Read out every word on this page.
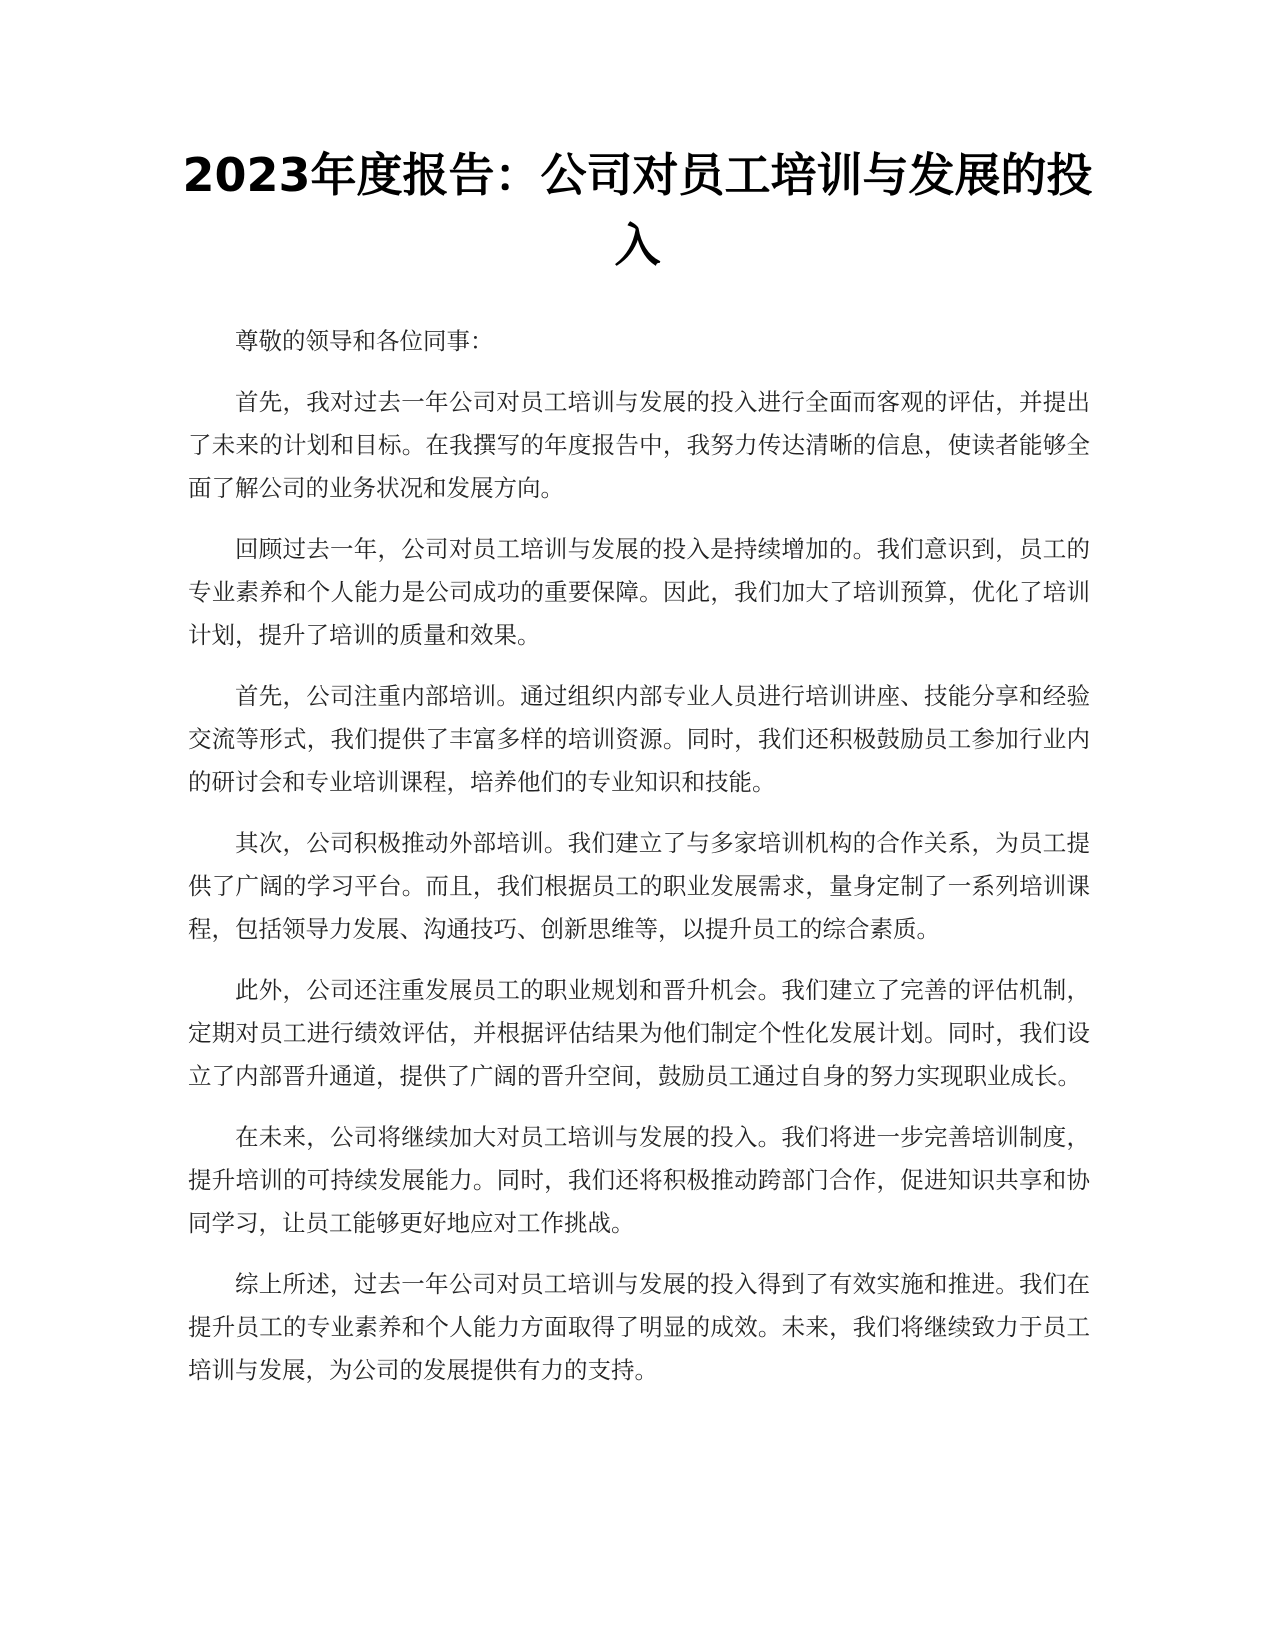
2023年度报告：公司对员工培训与发展的投入

尊敬的领导和各位同事：

首先，我对过去一年公司对员工培训与发展的投入进行全面而客观的评估，并提出了未来的计划和目标。在我撰写的年度报告中，我努力传达清晰的信息，使读者能够全面了解公司的业务状况和发展方向。

回顾过去一年，公司对员工培训与发展的投入是持续增加的。我们意识到，员工的专业素养和个人能力是公司成功的重要保障。因此，我们加大了培训预算，优化了培训计划，提升了培训的质量和效果。

首先，公司注重内部培训。通过组织内部专业人员进行培训讲座、技能分享和经验交流等形式，我们提供了丰富多样的培训资源。同时，我们还积极鼓励员工参加行业内的研讨会和专业培训课程，培养他们的专业知识和技能。

其次，公司积极推动外部培训。我们建立了与多家培训机构的合作关系，为员工提供了广阔的学习平台。而且，我们根据员工的职业发展需求，量身定制了一系列培训课程，包括领导力发展、沟通技巧、创新思维等，以提升员工的综合素质。

此外，公司还注重发展员工的职业规划和晋升机会。我们建立了完善的评估机制，定期对员工进行绩效评估，并根据评估结果为他们制定个性化发展计划。同时，我们设立了内部晋升通道，提供了广阔的晋升空间，鼓励员工通过自身的努力实现职业成长。

在未来，公司将继续加大对员工培训与发展的投入。我们将进一步完善培训制度，提升培训的可持续发展能力。同时，我们还将积极推动跨部门合作，促进知识共享和协同学习，让员工能够更好地应对工作挑战。

综上所述，过去一年公司对员工培训与发展的投入得到了有效实施和推进。我们在提升员工的专业素养和个人能力方面取得了明显的成效。未来，我们将继续致力于员工培训与发展，为公司的发展提供有力的支持。
